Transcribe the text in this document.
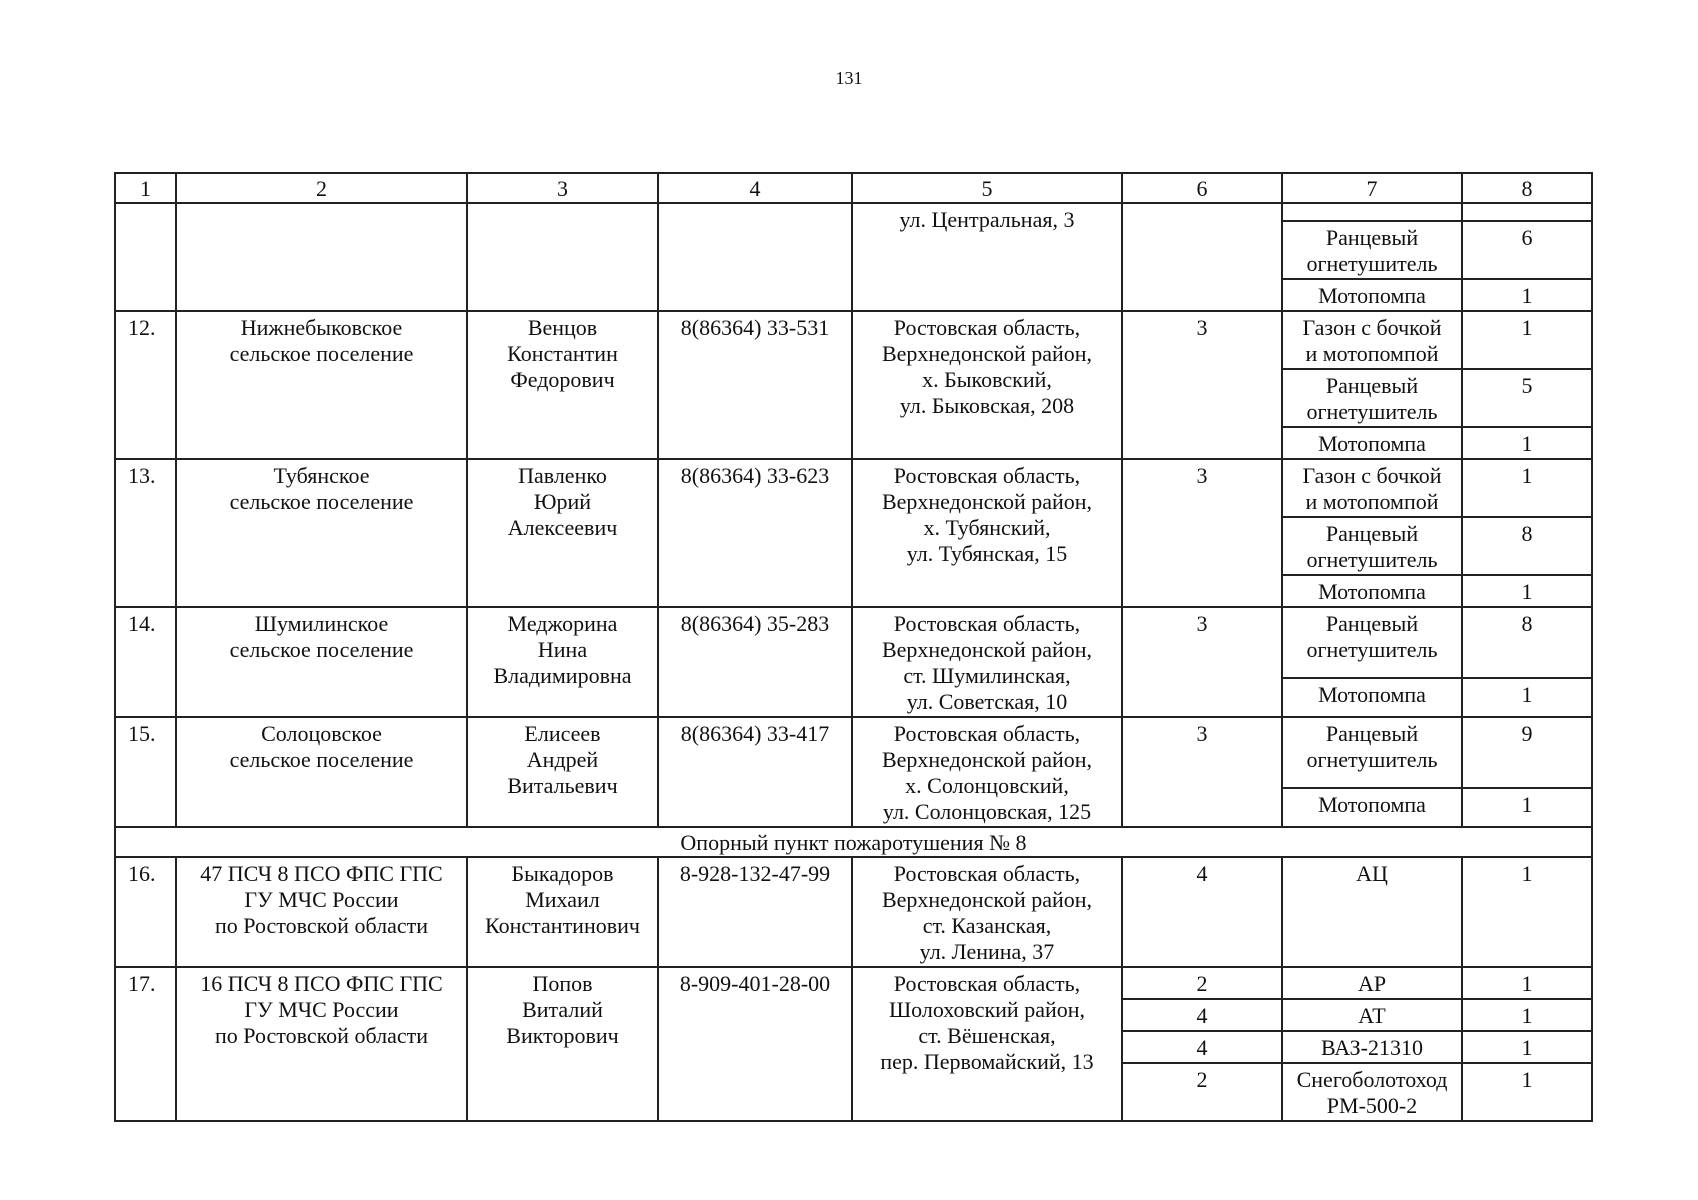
131
1	2	3	4	5	6	7	8
				ул. Центральная, 3			
						Ранцевый
огнетушитель	6
						Мотопомпа	1
12.	Нижнебыковское
сельское поселение	Венцов
Константин
Федорович	8(86364) 33-531	Ростовская область,
Верхнедонской район,
х. Быковский,
ул. Быковская, 208	3	Газон с бочкой
и мотопомпой	1
						Ранцевый
огнетушитель	5
						Мотопомпа	1
13.	Тубянское
сельское поселение	Павленко
Юрий
Алексеевич	8(86364) 33-623	Ростовская область,
Верхнедонской район,
х. Тубянский,
ул. Тубянская, 15	3	Газон с бочкой
и мотопомпой	1
						Ранцевый
огнетушитель	8
						Мотопомпа	1
14.	Шумилинское
сельское поселение	Меджорина
Нина
Владимировна	8(86364) 35-283	Ростовская область,
Верхнедонской район,
ст. Шумилинская,
ул. Советская, 10	3	Ранцевый
огнетушитель	8
						Мотопомпа	1
15.	Солоцовское
сельское поселение	Елисеев
Андрей
Витальевич	8(86364) 33-417	Ростовская область,
Верхнедонской район,
х. Солонцовский,
ул. Солонцовская, 125	3	Ранцевый
огнетушитель	9
						Мотопомпа	1
Опорный пункт пожаротушения № 8							
16.	47 ПСЧ 8 ПСО ФПС ГПС
ГУ МЧС России
по Ростовской области	Быкадоров
Михаил
Константинович	8-928-132-47-99	Ростовская область,
Верхнедонской район,
ст. Казанская,
ул. Ленина, 37	4	АЦ	1
17.	16 ПСЧ 8 ПСО ФПС ГПС
ГУ МЧС России
по Ростовской области	Попов
Виталий
Викторович	8-909-401-28-00	Ростовская область,
Шолоховский район,
ст. Вёшенская,
пер. Первомайский, 13	2	АР	1
					4	АТ	1
					4	ВАЗ-21310	1
					2	Снегоболотоход
РМ-500-2	1
